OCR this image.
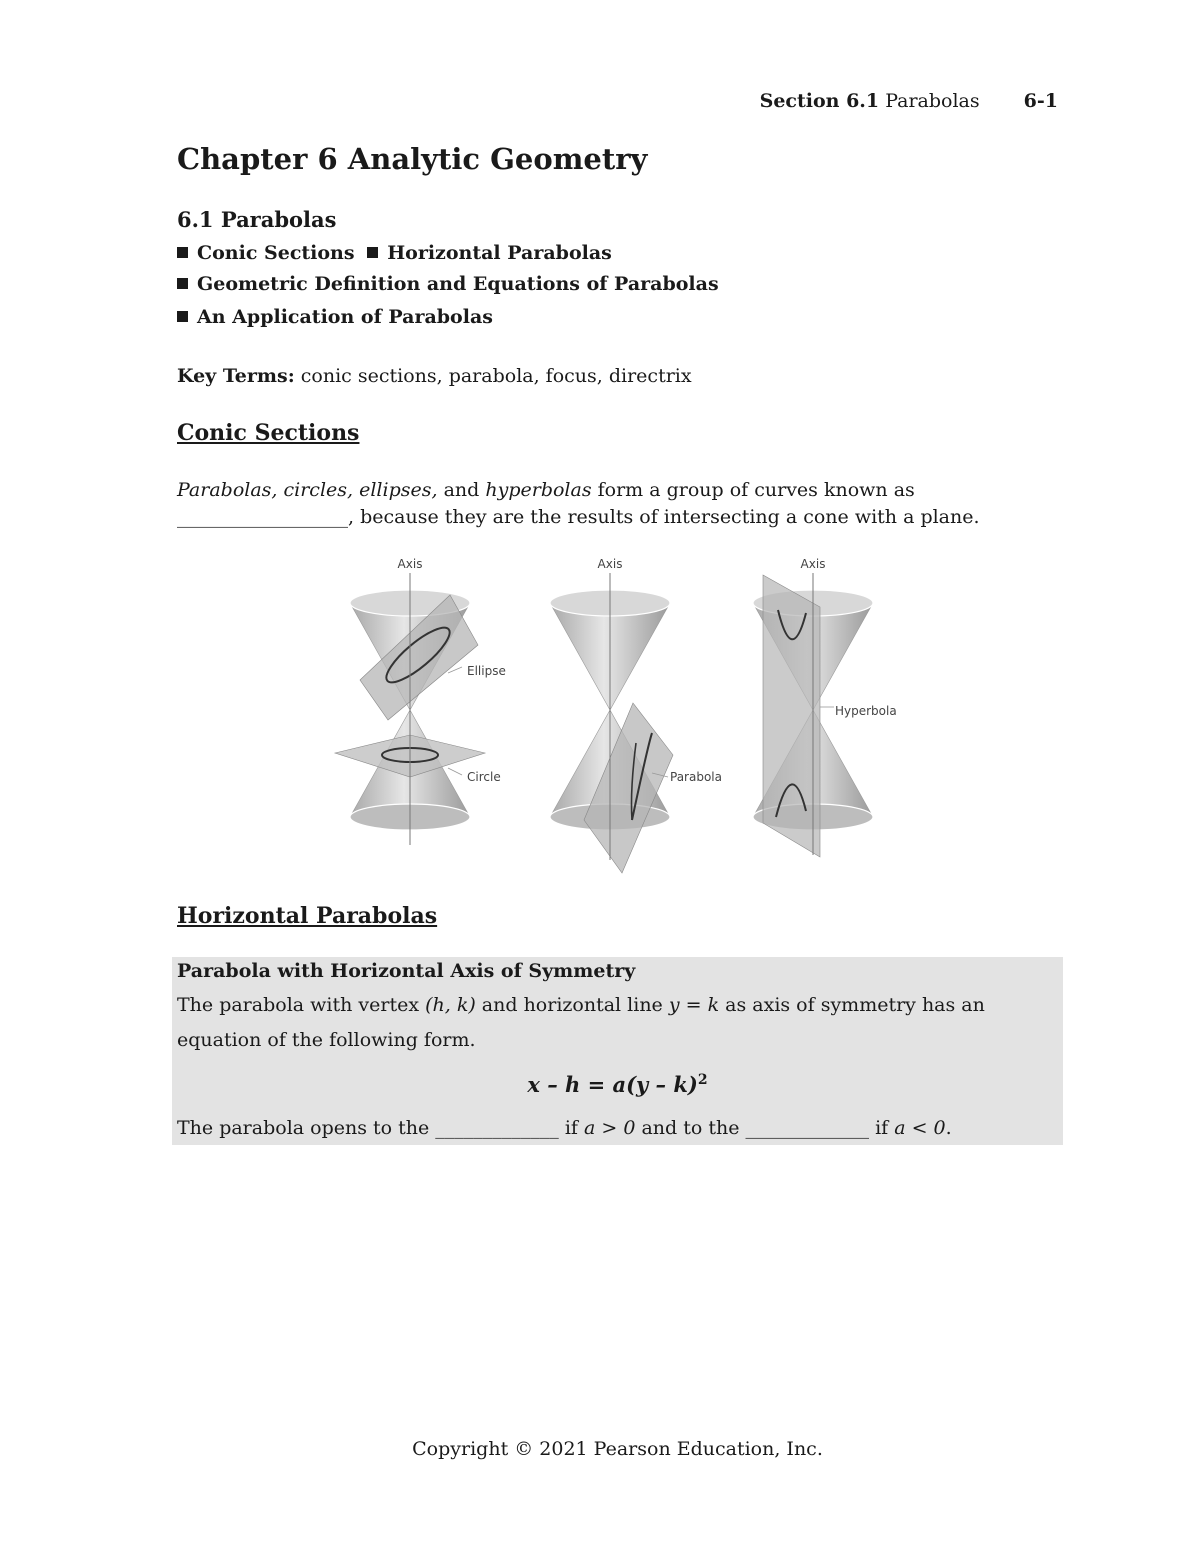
Section 6.1 Parabolas 6-1
Chapter 6 Analytic Geometry
6.1 Parabolas
Conic Sections Horizontal Parabolas
Geometric Definition and Equations of Parabolas
An Application of Parabolas
Key Terms: conic sections, parabola, focus, directrix
Conic Sections
Parabolas, circles, ellipses, and hyperbolas form a group of curves known as
__________________, because they are the results of intersecting a cone with a plane.
Axis
Ellipse
Circle
Axis
Parabola
Axis
Hyperbola
Horizontal Parabolas
Parabola with Horizontal Axis of Symmetry
The parabola with vertex (h, k) and horizontal line y = k as axis of symmetry has an
equation of the following form.
x – h = a(y – k)$^2$
The parabola opens to the _____________ if a > 0 and to the _____________ if a < 0.
Copyright © 2021 Pearson Education, Inc.
